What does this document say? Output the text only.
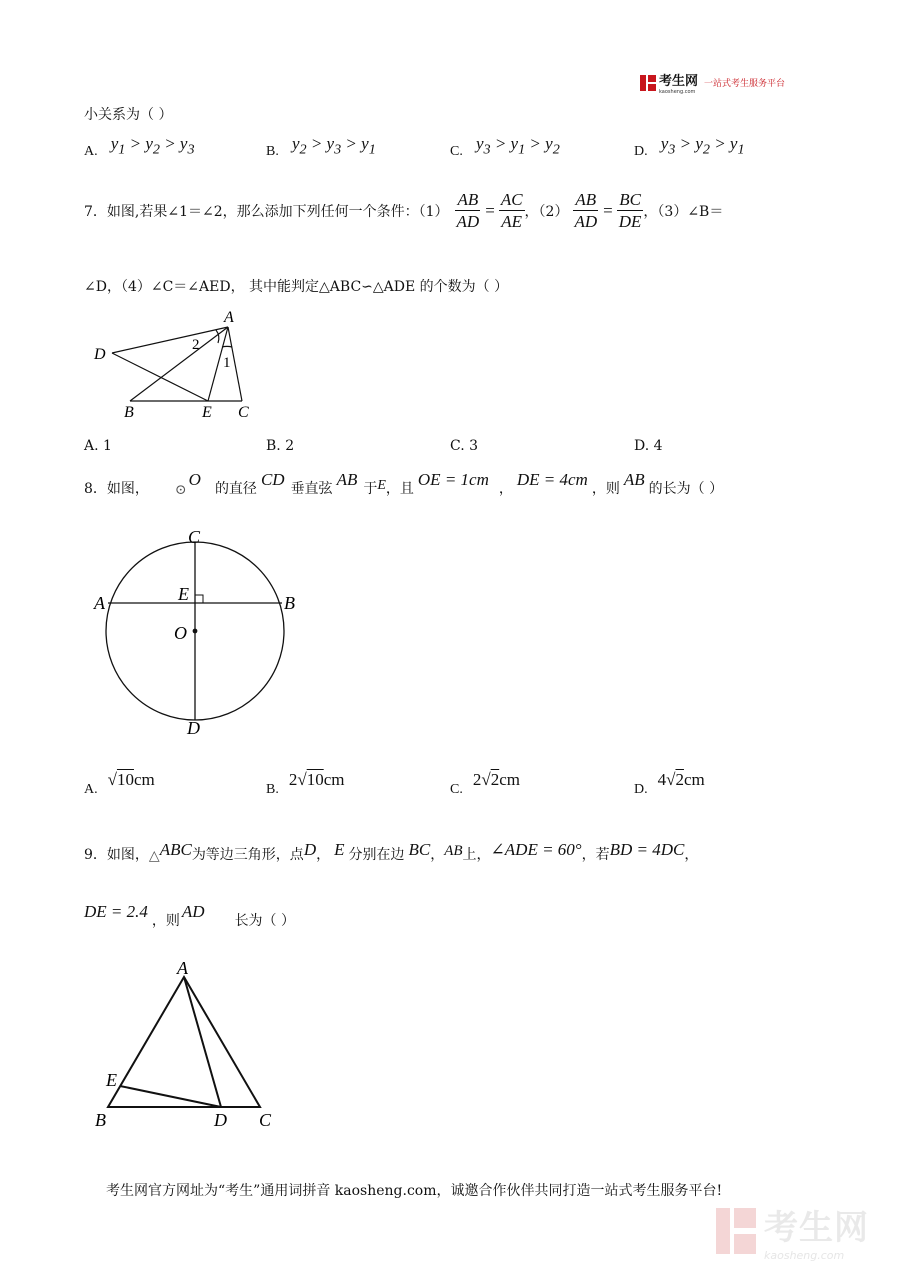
考生网
kaosheng.com
一站式考生服务平台
小关系为（ ）
A. $y_1 > y_2 > y_3$	B. $y_2 > y_3 > y_1$	C. $y_3 > y_1 > y_2$	D. $y_3 > y_2 > y_1$
7．如图,若果∠1＝∠2，那么添加下列任何一个条件：$(1) \frac{AB}{AD} = \frac{AC}{AE}$ ，$(2) \frac{AB}{AD} = \frac{BC}{DE}$ ，（3）∠B＝
∠D，（4）∠C＝∠AED， 其中能判定△ABC∽△ADE 的个数为（ ）
A
D
B	E C
2
1
A. 1	B. 2	C. 3	D. 4
8．如图， ⊙
O 的直径 CD 垂直弦 AB 于 E ，且 OE = 1cm ， DE = 4cm ，则 AB 的长为（ ）
C
A	B
E
O
D
A.
√10cm
B.
2√10cm
C.
2√2cm
D.
4√2cm
9．如图， △ ABC 为等边三角形，点 D ， E 分别在边 BC ， AB 上， ∠ADE = 60° ，若 BD = 4DC ，
DE = 2.4 ，则 AD 长为（ ）
A
E
B	D C
考生网官方网址为“考生”通用词拼音 kaosheng.com，诚邀合作伙伴共同打造一站式考生服务平台!
考生网
kaosheng.com
